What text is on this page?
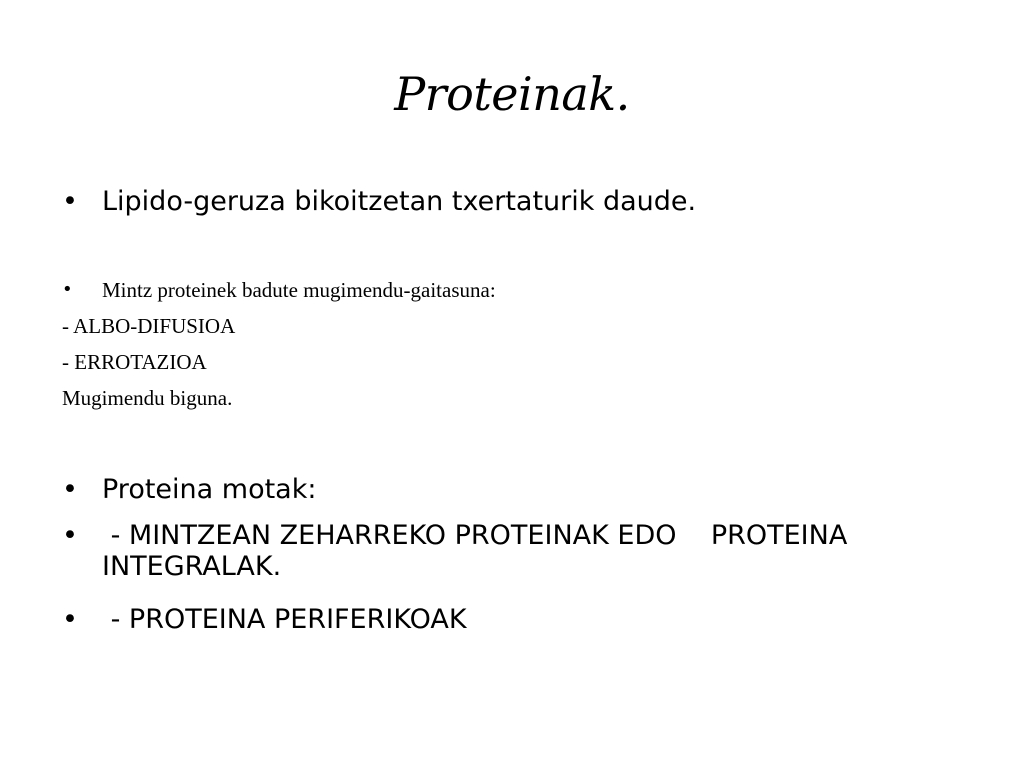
Proteinak.
• Lipido-geruza bikoitzetan txertaturik daude.
•	Mintz proteinek badute mugimendu-gaitasuna:
- ALBO-DIFUSIOA
- ERROTAZIOA
Mugimendu biguna.
• Proteina motak:
• - MINTZEAN ZEHARREKO PROTEINAK EDO    PROTEINA
INTEGRALAK.
• - PROTEINA PERIFERIKOAK
